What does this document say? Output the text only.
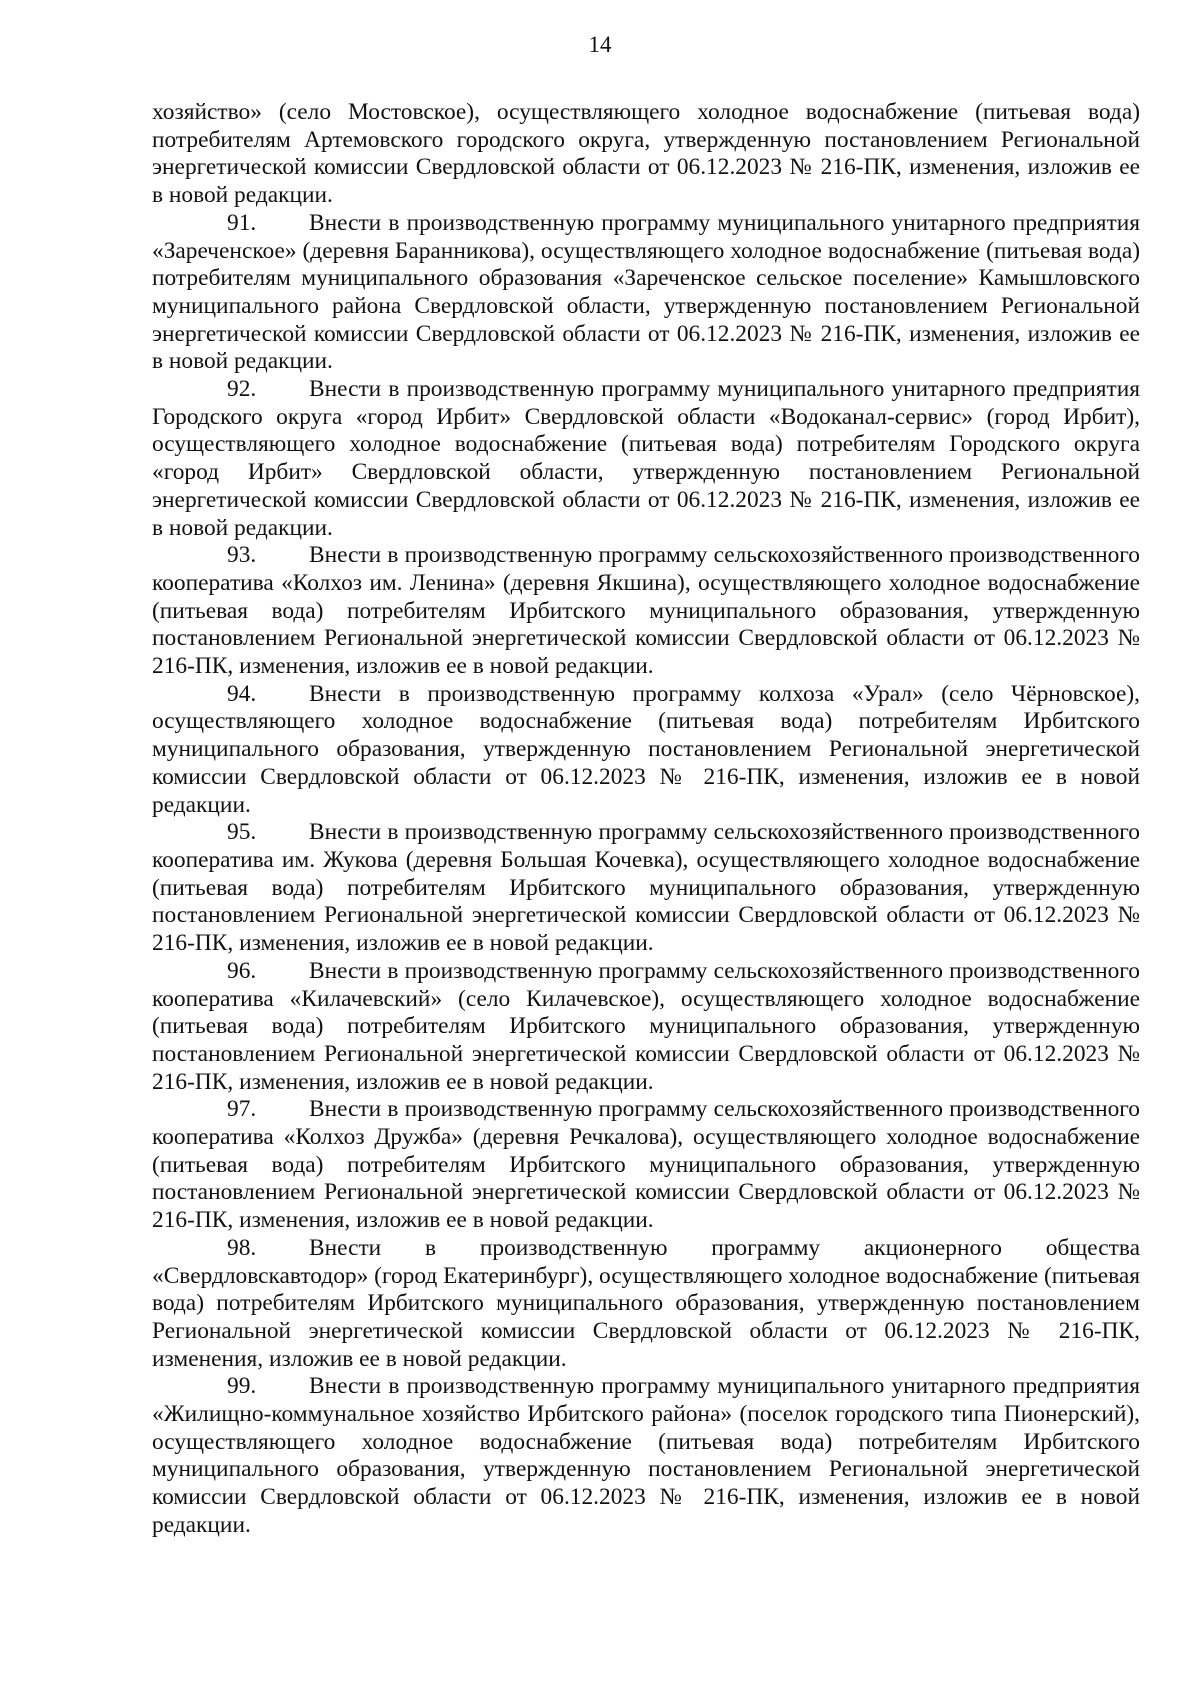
14

хозяйство» (село Мостовское), осуществляющего холодное водоснабжение (питьевая вода) потребителям Артемовского городского округа, утвержденную постановлением Региональной энергетической комиссии Свердловской области от 06.12.2023 № 216-ПК, изменения, изложив ее в новой редакции.

91. Внести в производственную программу муниципального унитарного предприятия «Зареченское» (деревня Баранникова), осуществляющего холодное водоснабжение (питьевая вода) потребителям муниципального образования «Зареченское сельское поселение» Камышловского муниципального района Свердловской области, утвержденную постановлением Региональной энергетической комиссии Свердловской области от 06.12.2023 № 216-ПК, изменения, изложив ее в новой редакции.

92. Внести в производственную программу муниципального унитарного предприятия Городского округа «город Ирбит» Свердловской области «Водоканал-сервис» (город Ирбит), осуществляющего холодное водоснабжение (питьевая вода) потребителям Городского округа «город Ирбит» Свердловской области, утвержденную постановлением Региональной энергетической комиссии Свердловской области от 06.12.2023 № 216-ПК, изменения, изложив ее в новой редакции.

93. Внести в производственную программу сельскохозяйственного производственного кооператива «Колхоз им. Ленина» (деревня Якшина), осуществляющего холодное водоснабжение (питьевая вода) потребителям Ирбитского муниципального образования, утвержденную постановлением Региональной энергетической комиссии Свердловской области от 06.12.2023 № 216-ПК, изменения, изложив ее в новой редакции.

94. Внести в производственную программу колхоза «Урал» (село Чёрновское), осуществляющего холодное водоснабжение (питьевая вода) потребителям Ирбитского муниципального образования, утвержденную постановлением Региональной энергетической комиссии Свердловской области от 06.12.2023 № 216-ПК, изменения, изложив ее в новой редакции.

95. Внести в производственную программу сельскохозяйственного производственного кооператива им. Жукова (деревня Большая Кочевка), осуществляющего холодное водоснабжение (питьевая вода) потребителям Ирбитского муниципального образования, утвержденную постановлением Региональной энергетической комиссии Свердловской области от 06.12.2023 № 216-ПК, изменения, изложив ее в новой редакции.

96. Внести в производственную программу сельскохозяйственного производственного кооператива «Килачевский» (село Килачевское), осуществляющего холодное водоснабжение (питьевая вода) потребителям Ирбитского муниципального образования, утвержденную постановлением Региональной энергетической комиссии Свердловской области от 06.12.2023 № 216-ПК, изменения, изложив ее в новой редакции.

97. Внести в производственную программу сельскохозяйственного производственного кооператива «Колхоз Дружба» (деревня Речкалова), осуществляющего холодное водоснабжение (питьевая вода) потребителям Ирбитского муниципального образования, утвержденную постановлением Региональной энергетической комиссии Свердловской области от 06.12.2023 № 216-ПК, изменения, изложив ее в новой редакции.

98. Внести в производственную программу акционерного общества «Свердловскавтодор» (город Екатеринбург), осуществляющего холодное водоснабжение (питьевая вода) потребителям Ирбитского муниципального образования, утвержденную постановлением Региональной энергетической комиссии Свердловской области от 06.12.2023 № 216-ПК, изменения, изложив ее в новой редакции.

99. Внести в производственную программу муниципального унитарного предприятия «Жилищно-коммунальное хозяйство Ирбитского района» (поселок городского типа Пионерский), осуществляющего холодное водоснабжение (питьевая вода) потребителям Ирбитского муниципального образования, утвержденную постановлением Региональной энергетической комиссии Свердловской области от 06.12.2023 № 216-ПК, изменения, изложив ее в новой редакции.
